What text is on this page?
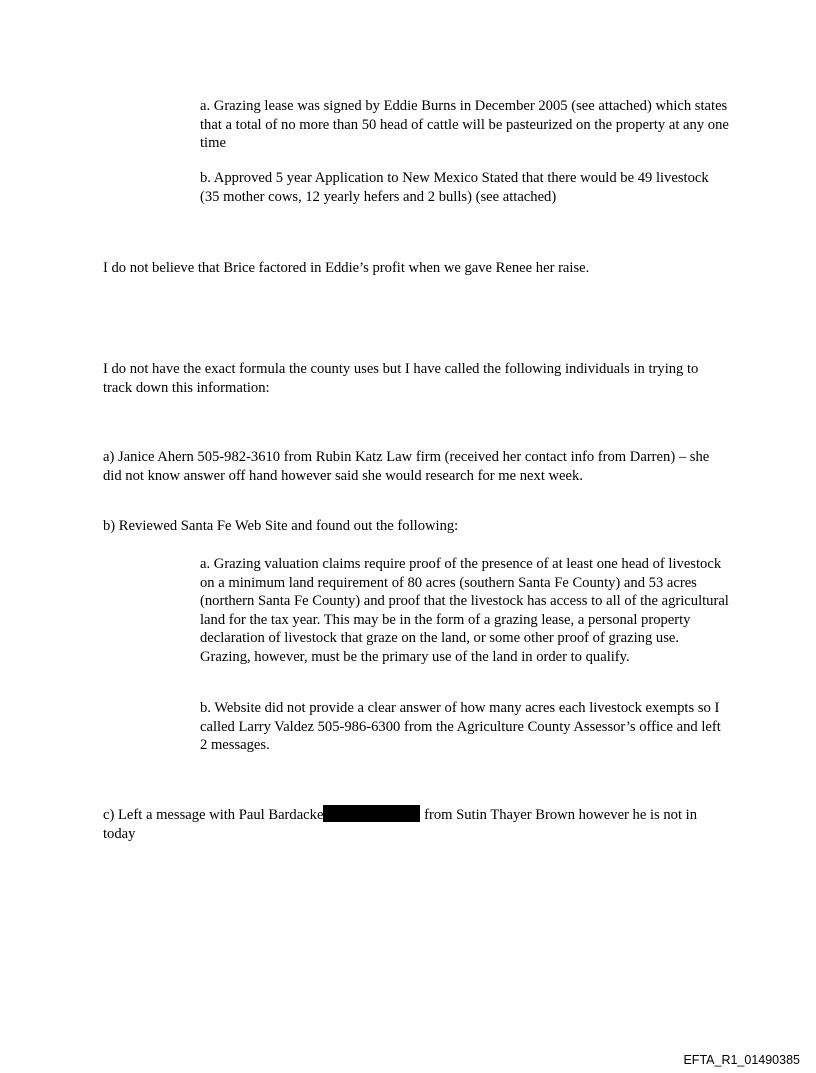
a. Grazing lease was signed by Eddie Burns in December 2005 (see attached) which states that a total of no more than 50 head of cattle will be pasteurized on the property at any one time

b. Approved 5 year Application to New Mexico Stated that there would be 49 livestock (35 mother cows, 12 yearly hefers and 2 bulls) (see attached)

I do not believe that Brice factored in Eddie’s profit when we gave Renee her raise.

I do not have the exact formula the county uses but I have called the following individuals in trying to track down this information:

a) Janice Ahern 505-982-3610 from Rubin Katz Law firm (received her contact info from Darren) – she did not know answer off hand however said she would research for me next week.

b) Reviewed Santa Fe Web Site and found out the following:

a. Grazing valuation claims require proof of the presence of at least one head of livestock on a minimum land requirement of 80 acres (southern Santa Fe County) and 53 acres (northern Santa Fe County) and proof that the livestock has access to all of the agricultural land for the tax year. This may be in the form of a grazing lease, a personal property declaration of livestock that graze on the land, or some other proof of grazing use. Grazing, however, must be the primary use of the land in order to qualify.

b. Website did not provide a clear answer of how many acres each livestock exempts so I called Larry Valdez 505-986-6300 from the Agriculture County Assessor’s office and left 2 messages.

c) Left a message with Paul Bardacke	from Sutin Thayer Brown however he is not in today

EFTA_R1_01490385
